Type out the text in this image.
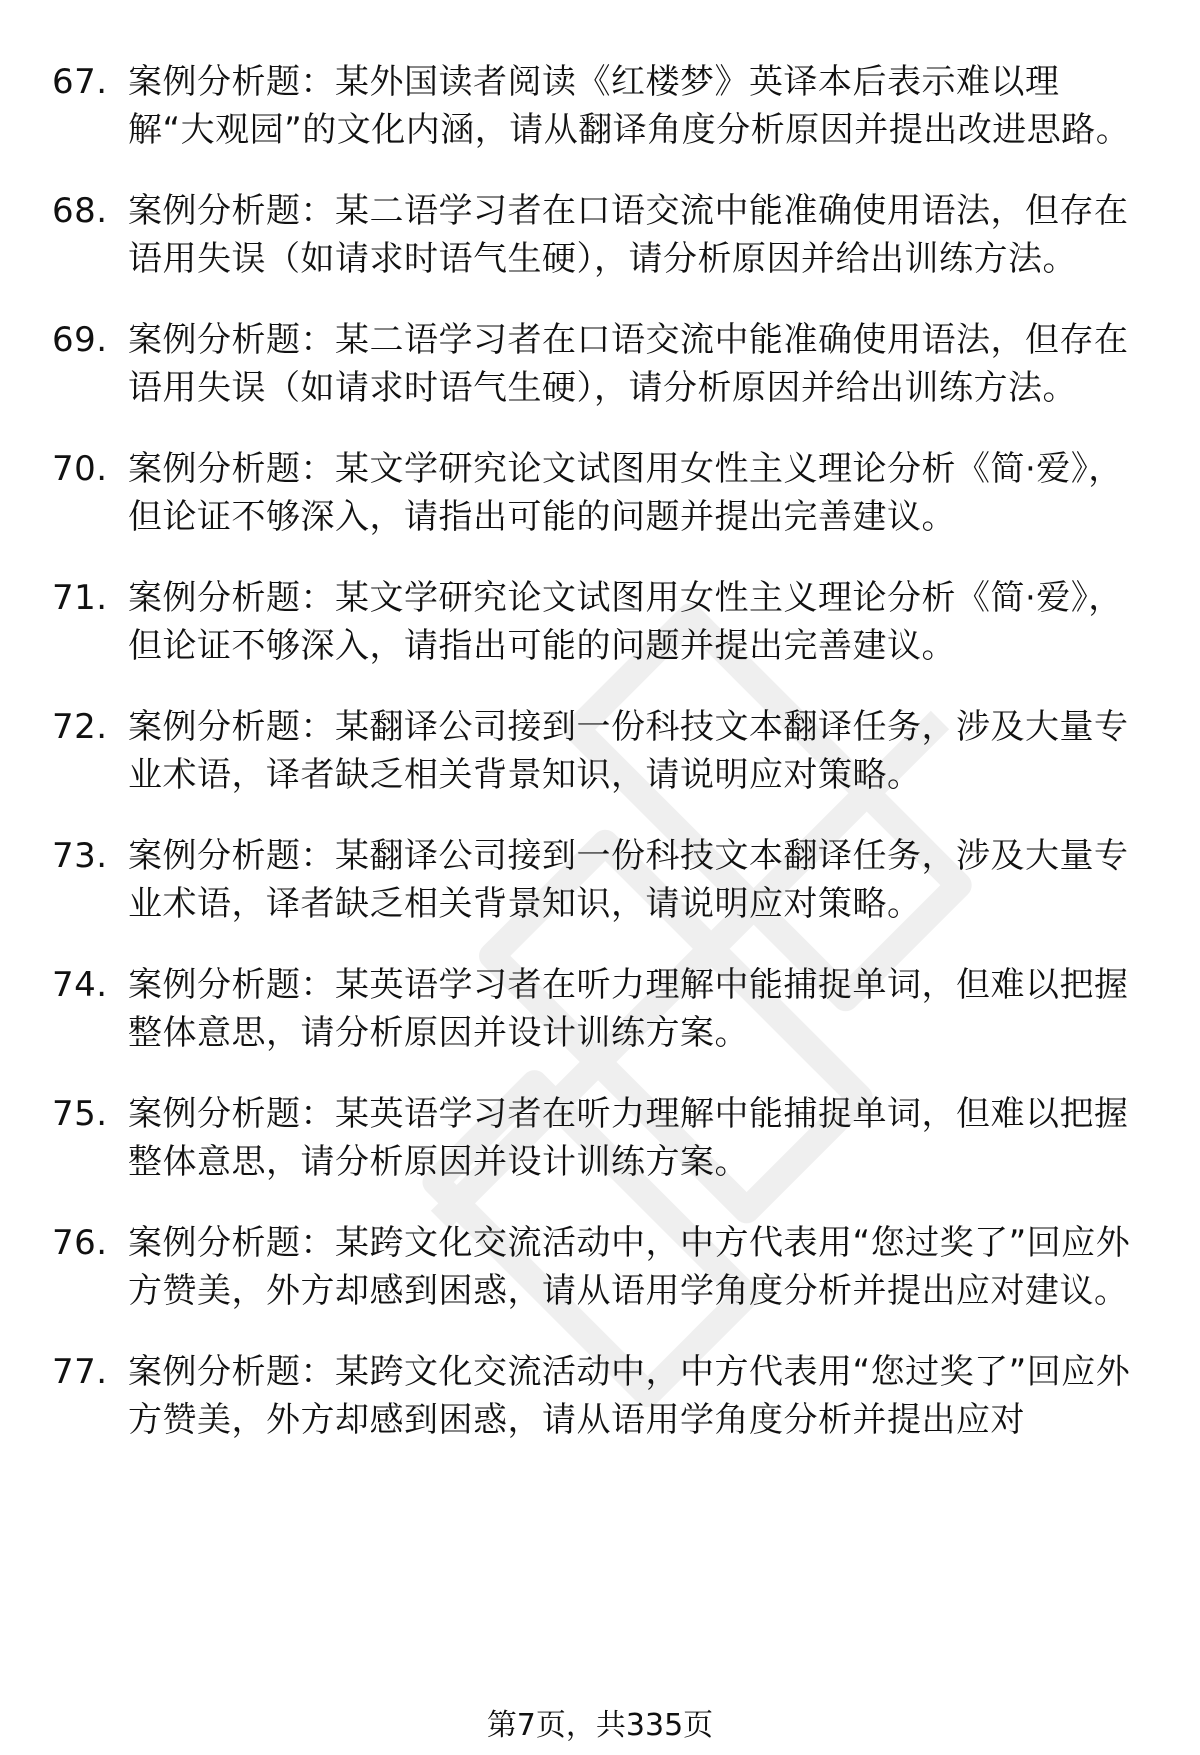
67. 案例分析题：某外国读者阅读《红楼梦》英译本后表示难以理解“大观园”的文化内涵，请从翻译角度分析原因并提出改进思路。
68. 案例分析题：某二语学习者在口语交流中能准确使用语法，但存在语用失误（如请求时语气生硬），请分析原因并给出训练方法。
69. 案例分析题：某二语学习者在口语交流中能准确使用语法，但存在语用失误（如请求时语气生硬），请分析原因并给出训练方法。
70. 案例分析题：某文学研究论文试图用女性主义理论分析《简·爱》，但论证不够深入，请指出可能的问题并提出完善建议。
71. 案例分析题：某文学研究论文试图用女性主义理论分析《简·爱》，但论证不够深入，请指出可能的问题并提出完善建议。
72. 案例分析题：某翻译公司接到一份科技文本翻译任务，涉及大量专业术语，译者缺乏相关背景知识，请说明应对策略。
73. 案例分析题：某翻译公司接到一份科技文本翻译任务，涉及大量专业术语，译者缺乏相关背景知识，请说明应对策略。
74. 案例分析题：某英语学习者在听力理解中能捕捉单词，但难以把握整体意思，请分析原因并设计训练方案。
75. 案例分析题：某英语学习者在听力理解中能捕捉单词，但难以把握整体意思，请分析原因并设计训练方案。
76. 案例分析题：某跨文化交流活动中，中方代表用“您过奖了”回应外方赞美，外方却感到困惑，请从语用学角度分析并提出应对建议。
77. 案例分析题：某跨文化交流活动中，中方代表用“您过奖了”回应外方赞美，外方却感到困惑，请从语用学角度分析并提出应对
第7页，共335页
